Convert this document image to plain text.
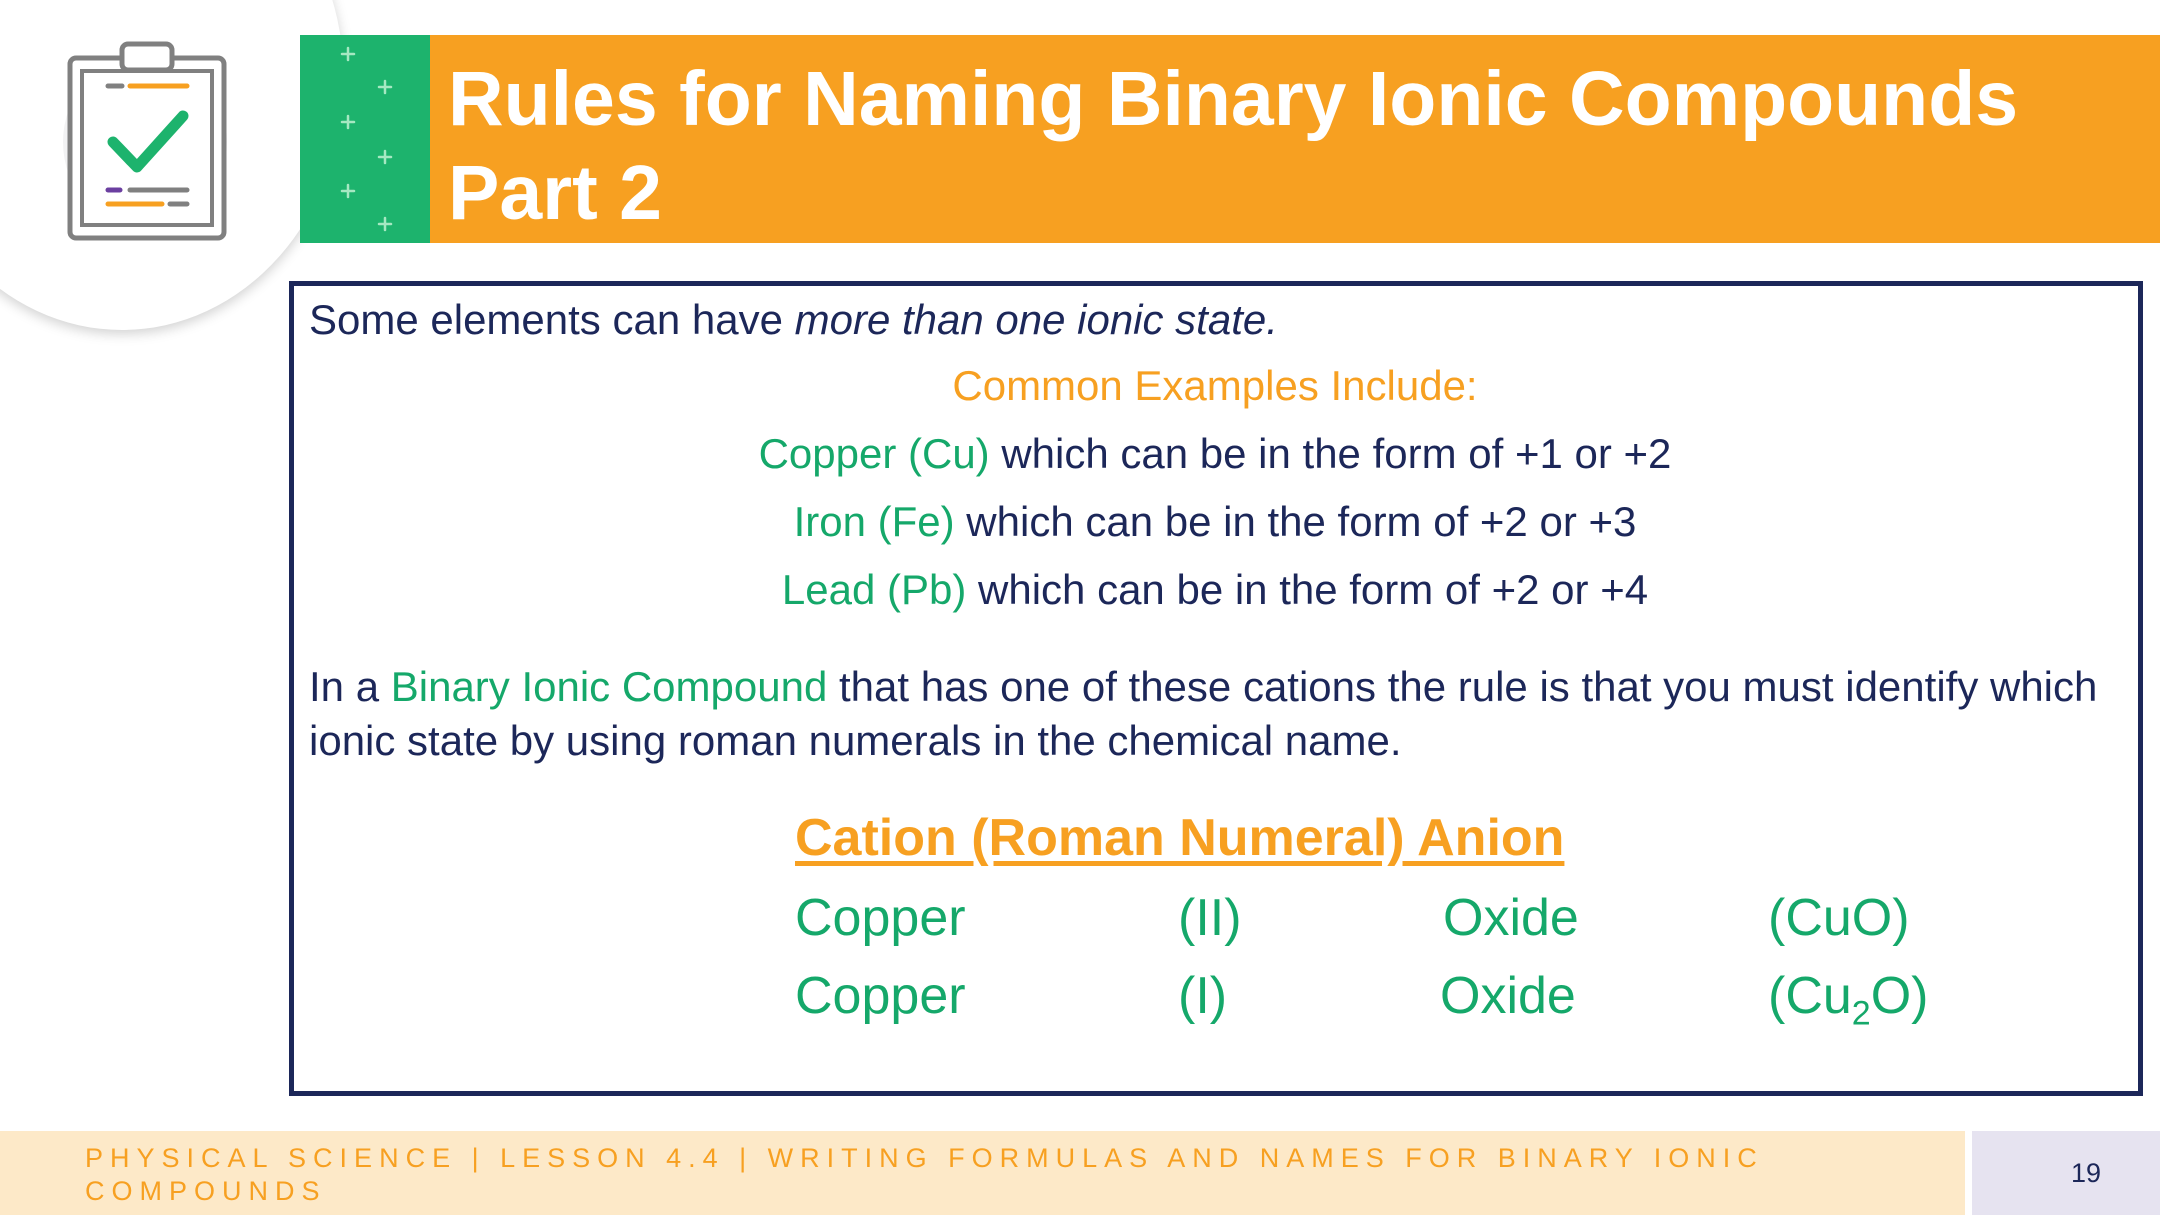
Rules for Naming Binary Ionic Compounds
Part 2

Some elements can have more than one ionic state.

Common Examples Include:

Copper (Cu) which can be in the form of +1 or +2

Iron (Fe) which can be in the form of +2 or +3

Lead (Pb) which can be in the form of +2 or +4

In a Binary Ionic Compound that has one of these cations the rule is that you must identify which ionic state by using roman numerals in the chemical name.

Cation (Roman Numeral) Anion

Copper	(II)	Oxide	(CuO)

Copper	(I)	Oxide	$(Cu_2O)$

PHYSICAL SCIENCE | LESSON 4.4 | WRITING FORMULAS AND NAMES FOR BINARY IONIC COMPOUNDS
19
